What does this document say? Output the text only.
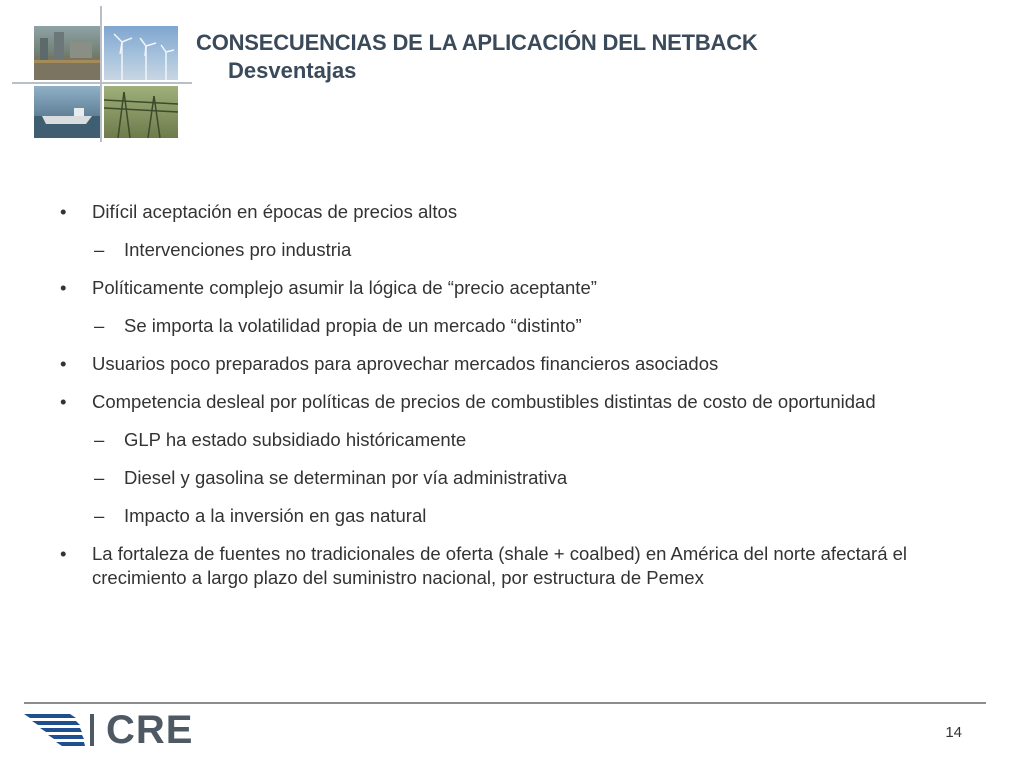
CONSECUENCIAS DE LA APLICACIÓN DEL NETBACK
Desventajas
• Difícil aceptación en épocas de precios altos
– Intervenciones pro industria
• Políticamente complejo asumir la lógica de “precio aceptante”
– Se importa la volatilidad propia de un mercado “distinto”
• Usuarios poco preparados para aprovechar mercados financieros asociados
• Competencia desleal por políticas de precios de combustibles distintas de costo de oportunidad
– GLP ha estado subsidiado históricamente
– Diesel y gasolina se determinan por vía administrativa
– Impacto a la inversión en gas natural
• La fortaleza de fuentes no tradicionales de oferta (shale + coalbed) en América del norte afectará el crecimiento a largo plazo del suministro nacional, por estructura de Pemex
CRE	14
